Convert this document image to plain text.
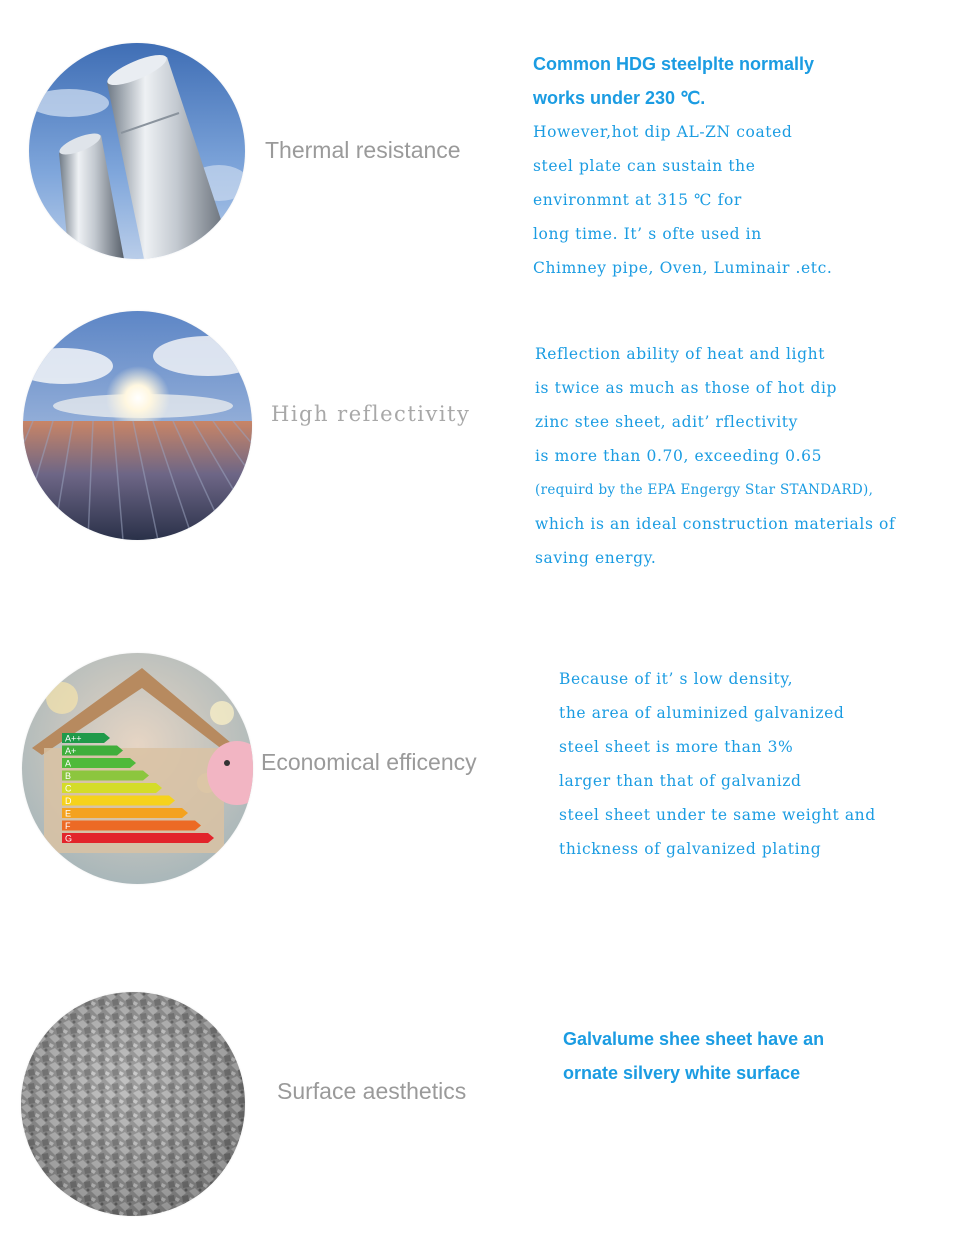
Thermal resistance
Common HDG steelplte normally
works under 230 ℃.
However,hot dip AL-ZN coated
steel plate can sustain the
environmnt at 315 ℃ for
long time. It’ s ofte used in
Chimney pipe, Oven, Luminair .etc.
High reflectivity
Reflection ability of heat and light
is twice as much as those of hot dip
zinc stee sheet, adit’ rflectivity
is more than 0.70, exceeding 0.65
(requird by the EPA Engergy Star STANDARD),
which is an ideal construction materials of
saving energy.
A++
A+
A
B
C
D
E
F
G
Economical efficency
Because of it’ s low density,
the area of aluminized galvanized
steel sheet is more than 3%
larger than that of galvanizd
steel sheet under te same weight and
thickness of galvanized plating
Surface aesthetics
Galvalume shee sheet have an
ornate silvery white surface
